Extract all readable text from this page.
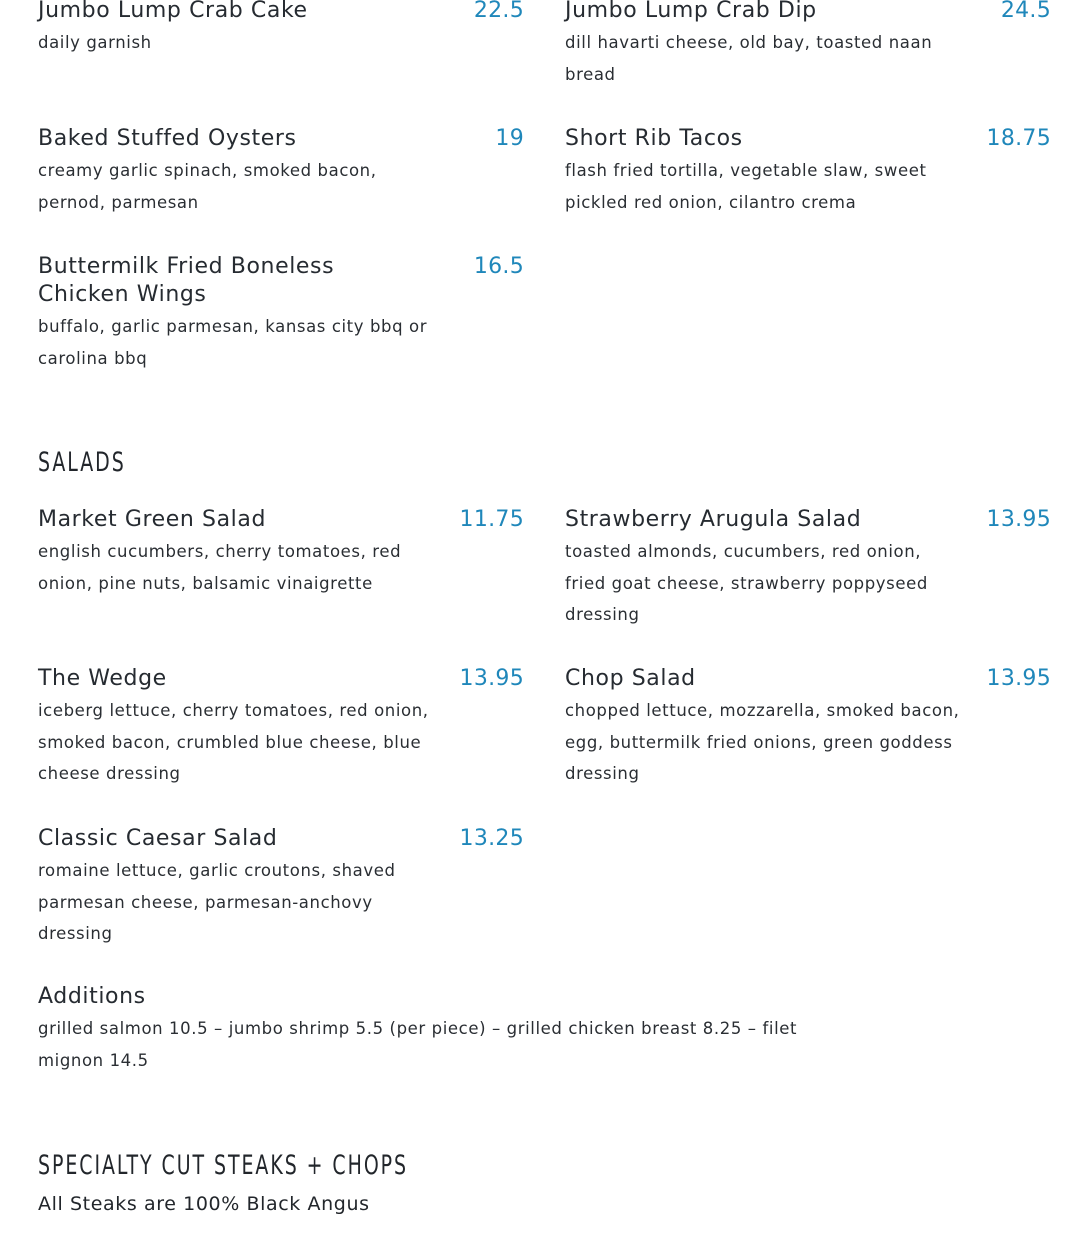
Jumbo Lump Crab Cake	22.5
daily garnish
Jumbo Lump Crab Dip	24.5
dill havarti cheese, old bay, toasted naan bread
Baked Stuffed Oysters	19
creamy garlic spinach, smoked bacon, pernod, parmesan
Short Rib Tacos	18.75
flash fried tortilla, vegetable slaw, sweet pickled red onion, cilantro crema
Buttermilk Fried Boneless Chicken Wings
16.5
buffalo, garlic parmesan, kansas city bbq or carolina bbq
SALADS
Market Green Salad	11.75
english cucumbers, cherry tomatoes, red onion, pine nuts, balsamic vinaigrette
Strawberry Arugula Salad	13.95
toasted almonds, cucumbers, red onion, fried goat cheese, strawberry poppyseed dressing
The Wedge	13.95
iceberg lettuce, cherry tomatoes, red onion, smoked bacon, crumbled blue cheese, blue cheese dressing
Chop Salad	13.95
chopped lettuce, mozzarella, smoked bacon, egg, buttermilk fried onions, green goddess dressing
Classic Caesar Salad	13.25
romaine lettuce, garlic croutons, shaved parmesan cheese, parmesan-anchovy dressing
Additions
grilled salmon 10.5 – jumbo shrimp 5.5 (per piece) – grilled chicken breast 8.25 – filet mignon 14.5
SPECIALTY CUT STEAKS + CHOPS
All Steaks are 100% Black Angus
